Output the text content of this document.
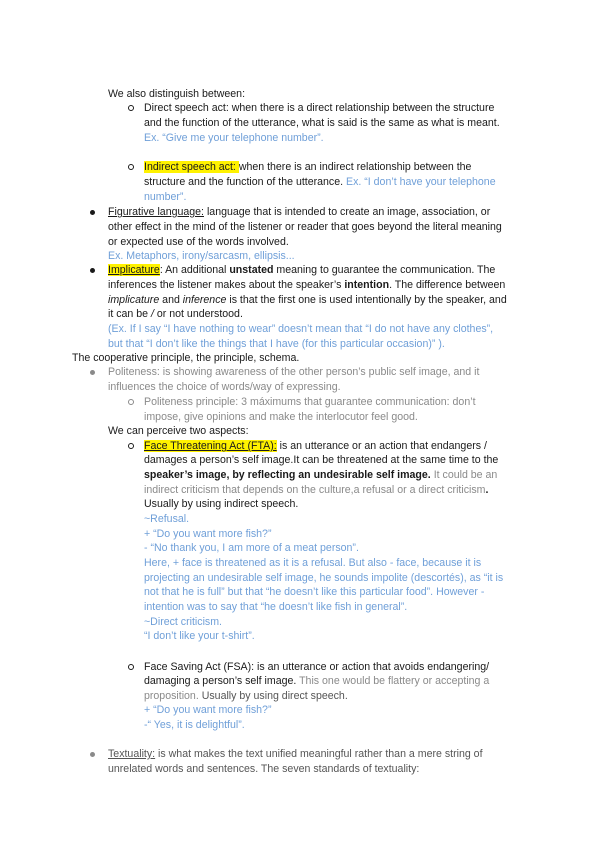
We also distinguish between:
Direct speech act: when there is a direct relationship between the structure
and the function of the utterance, what is said is the same as what is meant.
Ex. “Give me your telephone number”.
Indirect speech act: when there is an indirect relationship between the
structure and the function of the utterance. Ex. “I don’t have your telephone
number”.
Figurative language: language that is intended to create an image, association, or
other effect in the mind of the listener or reader that goes beyond the literal meaning
or expected use of the words involved.
Ex. Metaphors, irony/sarcasm, ellipsis...
Implicature: An additional unstated meaning to guarantee the communication. The
inferences the listener makes about the speaker’s intention. The difference between
implicature and inference is that the first one is used intentionally by the speaker, and
it can be / or not understood.
(Ex. If I say “I have nothing to wear” doesn’t mean that “I do not have any clothes”,
but that “I don’t like the things that I have (for this particular occasion)” ).
The cooperative principle, the principle, schema.
Politeness: is showing awareness of the other person’s public self image, and it
influences the choice of words/way of expressing.
Politeness principle: 3 máximums that guarantee communication: don’t
impose, give opinions and make the interlocutor feel good.
We can perceive two aspects:
Face Threatening Act (FTA): is an utterance or an action that endangers /
damages a person’s self image.It can be threatened at the same time to the
speaker’s image, by reflecting an undesirable self image. It could be an
indirect criticism that depends on the culture,a refusal or a direct criticism.
Usually by using indirect speech.
~Refusal.
+ “Do you want more fish?”
- “No thank you, I am more of a meat person”.
Here, + face is threatened as it is a refusal. But also - face, because it is
projecting an undesirable self image, he sounds impolite (descortés), as “it is
not that he is full” but that “he doesn’t like this particular food”. However -
intention was to say that “he doesn’t like fish in general”.
~Direct criticism.
“I don’t like your t-shirt”.
Face Saving Act (FSA): is an utterance or action that avoids endangering/
damaging a person’s self image. This one would be flattery or accepting a
proposition. Usually by using direct speech.
+ “Do you want more fish?”
-“ Yes, it is delightful”.
Textuality: is what makes the text unified meaningful rather than a mere string of
unrelated words and sentences. The seven standards of textuality:
